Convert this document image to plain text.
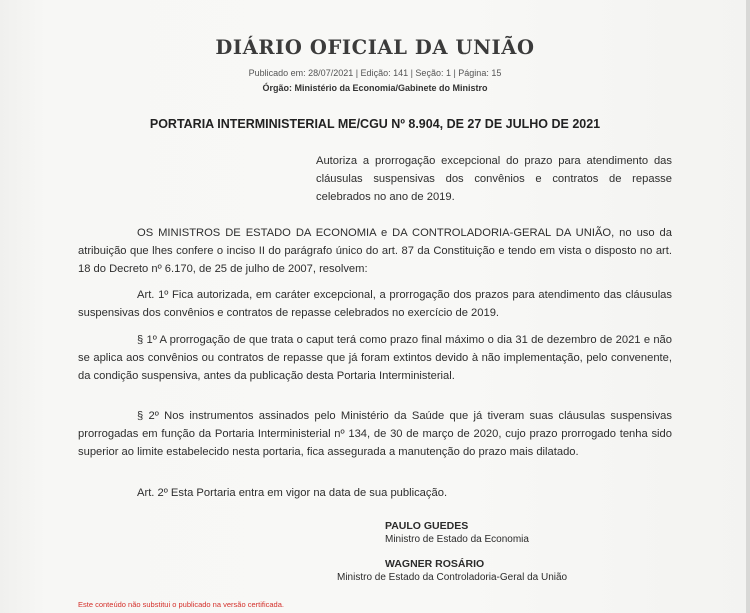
DIÁRIO OFICIAL DA UNIÃO
Publicado em: 28/07/2021 | Edição: 141 | Seção: 1 | Página: 15
Órgão: Ministério da Economia/Gabinete do Ministro
PORTARIA INTERMINISTERIAL ME/CGU Nº 8.904, DE 27 DE JULHO DE 2021
Autoriza a prorrogação excepcional do prazo para atendimento das cláusulas suspensivas dos convênios e contratos de repasse celebrados no ano de 2019.
OS MINISTROS DE ESTADO DA ECONOMIA e DA CONTROLADORIA-GERAL DA UNIÃO, no uso da atribuição que lhes confere o inciso II do parágrafo único do art. 87 da Constituição e tendo em vista o disposto no art. 18 do Decreto nº 6.170, de 25 de julho de 2007, resolvem:
Art. 1º Fica autorizada, em caráter excepcional, a prorrogação dos prazos para atendimento das cláusulas suspensivas dos convênios e contratos de repasse celebrados no exercício de 2019.
§ 1º A prorrogação de que trata o caput terá como prazo final máximo o dia 31 de dezembro de 2021 e não se aplica aos convênios ou contratos de repasse que já foram extintos devido à não implementação, pelo convenente, da condição suspensiva, antes da publicação desta Portaria Interministerial.
§ 2º Nos instrumentos assinados pelo Ministério da Saúde que já tiveram suas cláusulas suspensivas prorrogadas em função da Portaria Interministerial nº 134, de 30 de março de 2020, cujo prazo prorrogado tenha sido superior ao limite estabelecido nesta portaria, fica assegurada a manutenção do prazo mais dilatado.
Art. 2º Esta Portaria entra em vigor na data de sua publicação.
PAULO GUEDES
Ministro de Estado da Economia
WAGNER ROSÁRIO
Ministro de Estado da Controladoria-Geral da União
Este conteúdo não substitui o publicado na versão certificada.
